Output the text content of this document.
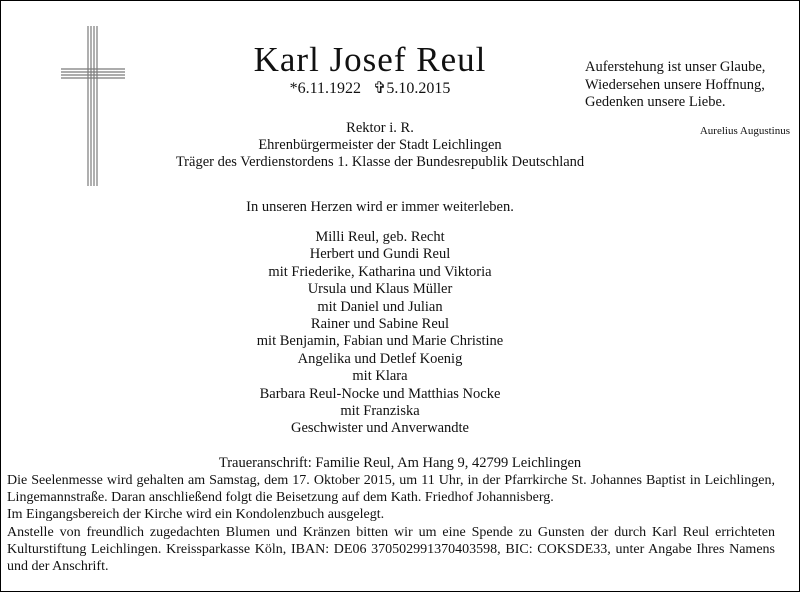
Karl Josef Reul
*6.11.1922 ✞5.10.2015
Rektor i. R.
Ehrenbürgermeister der Stadt Leichlingen
Träger des Verdienstordens 1. Klasse der Bundesrepublik Deutschland
Auferstehung ist unser Glaube,
Wiedersehen unsere Hoffnung,
Gedenken unsere Liebe.
Aurelius Augustinus
In unseren Herzen wird er immer weiterleben.
Milli Reul, geb. Recht
Herbert und Gundi Reul
mit Friederike, Katharina und Viktoria
Ursula und Klaus Müller
mit Daniel und Julian
Rainer und Sabine Reul
mit Benjamin, Fabian und Marie Christine
Angelika und Detlef Koenig
mit Klara
Barbara Reul-Nocke und Matthias Nocke
mit Franziska
Geschwister und Anverwandte
Traueranschrift: Familie Reul, Am Hang 9, 42799 Leichlingen

Die Seelenmesse wird gehalten am Samstag, dem 17. Oktober 2015, um 11 Uhr, in der Pfarrkirche St. Johannes Baptist in Leichlingen, Lingemannstraße. Daran anschließend folgt die Beisetzung auf dem Kath. Friedhof Johannisberg.

Im Eingangsbereich der Kirche wird ein Kondolenzbuch ausgelegt.

Anstelle von freundlich zugedachten Blumen und Kränzen bitten wir um eine Spende zu Gunsten der durch Karl Reul errichteten Kulturstiftung Leichlingen. Kreissparkasse Köln, IBAN: DE06 370502991370403598, BIC: COKSDE33, unter Angabe Ihres Namens und der Anschrift.
